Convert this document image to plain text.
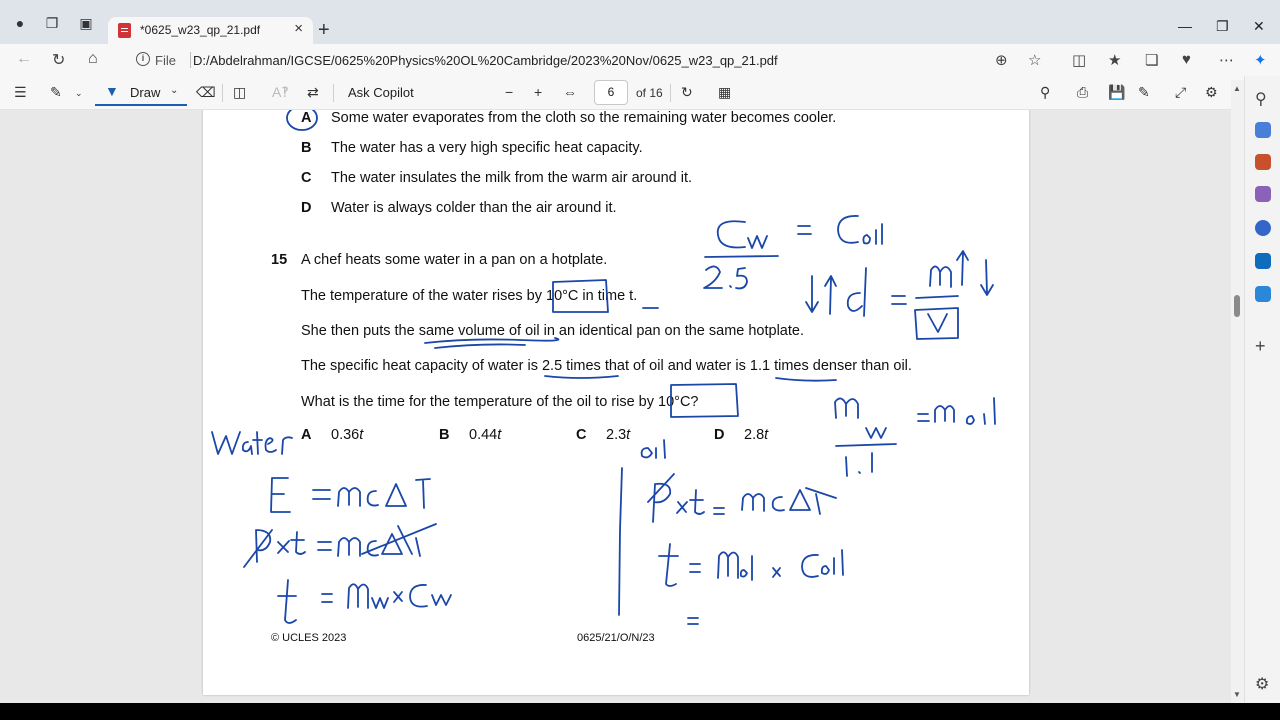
●	❐ ▣	*0625_w23_qp_21.pdf × +	— ❐ ✕
← ↻ ⌂	i File D:/Abdelrahman/IGCSE/0625%20Physics%20OL%20Cambridge/2023%20Nov/0625_w23_qp_21.pdf	⊕ ☆ ◫ ★ ❏ ♥ ⋯ ✦
☰ ✎ ⌄ ▼ Draw ⌄ ⌫ ◫ A‽ ⇄ Ask Copilot	− + ⇔	6	of 16 ↻ ▦	⚲ ⎙ 💾 ✎ ⤢ ⚙
A Some water evaporates from the cloth so the remaining water becomes cooler.
B The water has a very high specific heat capacity.
C The water insulates the milk from the warm air around it.
D Water is always colder than the air around it.
15 A chef heats some water in a pan on a hotplate.
The temperature of the water rises by 10°C in time t.
She then puts the same volume of oil in an identical pan on the same hotplate.
The specific heat capacity of water is 2.5 times that of oil and water is 1.1 times denser than oil.
What is the time for the temperature of the oil to rise by 10°C?
A 0.36t	B 0.44t	C 2.3t	D 2.8t
© UCLES 2023	0625/21/O/N/23
▲
▼
⚲
+
⚙
